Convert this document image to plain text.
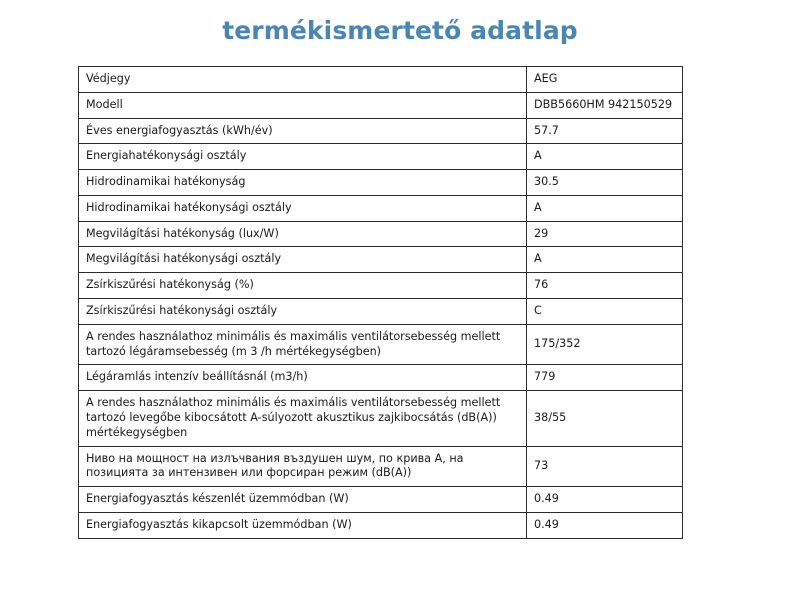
termékismertető adatlap
Védjegy	AEG
Modell	DBB5660HM 942150529
Éves energiafogyasztás (kWh/év)	57.7
Energiahatékonysági osztály	A
Hidrodinamikai hatékonyság	30.5
Hidrodinamikai hatékonysági osztály	A
Megvilágítási hatékonyság (lux/W)	29
Megvilágítási hatékonysági osztály	A
Zsírkiszűrési hatékonyság (%)	76
Zsírkiszűrési hatékonysági osztály	C
A rendes használathoz minimális és maximális ventilátorsebesség mellett tartozó légáramsebesség (m 3 /h mértékegységben)	175/352
Légáramlás intenzív beállításnál (m3/h)	779
A rendes használathoz minimális és maximális ventilátorsebesség mellett tartozó levegőbe kibocsátott A-súlyozott akusztikus zajkibocsátás (dB(A)) mértékegységben	38/55
Ниво на мощност на излъчвания въздушен шум, по крива А, на позицията за интензивен или форсиран режим (dB(A))	73
Energiafogyasztás készenlét üzemmódban (W)	0.49
Energiafogyasztás kikapcsolt üzemmódban (W)	0.49
